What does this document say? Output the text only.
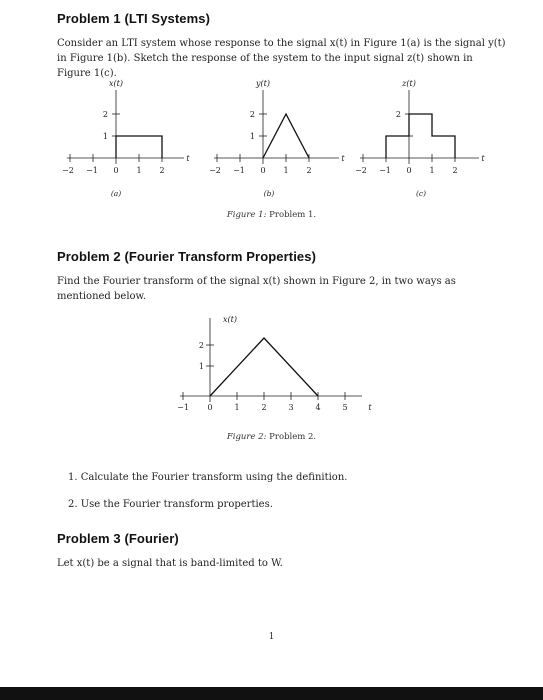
Problem 1 (LTI Systems)

Consider an LTI system whose response to the signal x(t) in Figure 1(a) is the signal y(t) in Figure 1(b). Sketch the response of the system to the input signal z(t) shown in Figure 1(c).

x(t)
t
−2 −1 0 1 2
1
2
(a)
y(t)
t
−2 −1 0 1 2
1
2
(b)
z(t)
t
−2 −1 0 1 2
2
(c)

Figure 1: Problem 1.

Problem 2 (Fourier Transform Properties)

Find the Fourier transform of the signal x(t) shown in Figure 2, in two ways as mentioned below.

x(t)
−1 0	1	2	3	4	5	t
1
2

Figure 2: Problem 2.

1. Calculate the Fourier transform using the definition.

2. Use the Fourier transform properties.

Problem 3 (Fourier)

Let x(t) be a signal that is band-limited to W.

1
